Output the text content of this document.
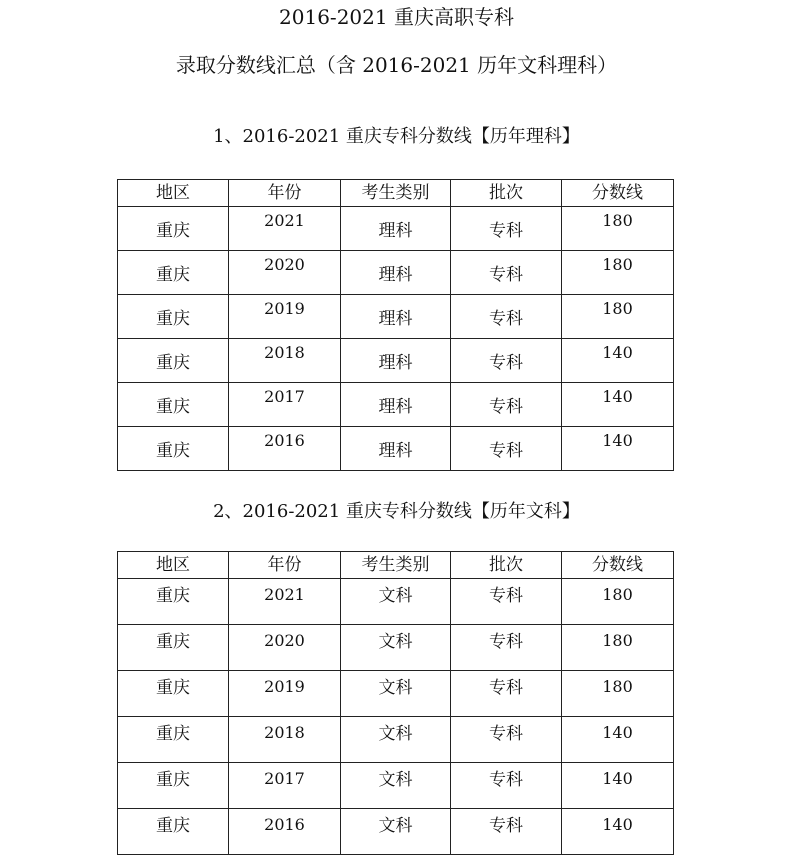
2016-2021 重庆高职专科
录取分数线汇总（含 2016-2021 历年文科理科）
1、2016-2021 重庆专科分数线【历年理科】
地区	年份	考生类别	批次	分数线
重庆	2021	理科	专科	180
重庆	2020	理科	专科	180
重庆	2019	理科	专科	180
重庆	2018	理科	专科	140
重庆	2017	理科	专科	140
重庆	2016	理科	专科	140
2、2016-2021 重庆专科分数线【历年文科】
地区	年份	考生类别	批次	分数线
重庆	2021	文科	专科	180
重庆	2020	文科	专科	180
重庆	2019	文科	专科	180
重庆	2018	文科	专科	140
重庆	2017	文科	专科	140
重庆	2016	文科	专科	140
